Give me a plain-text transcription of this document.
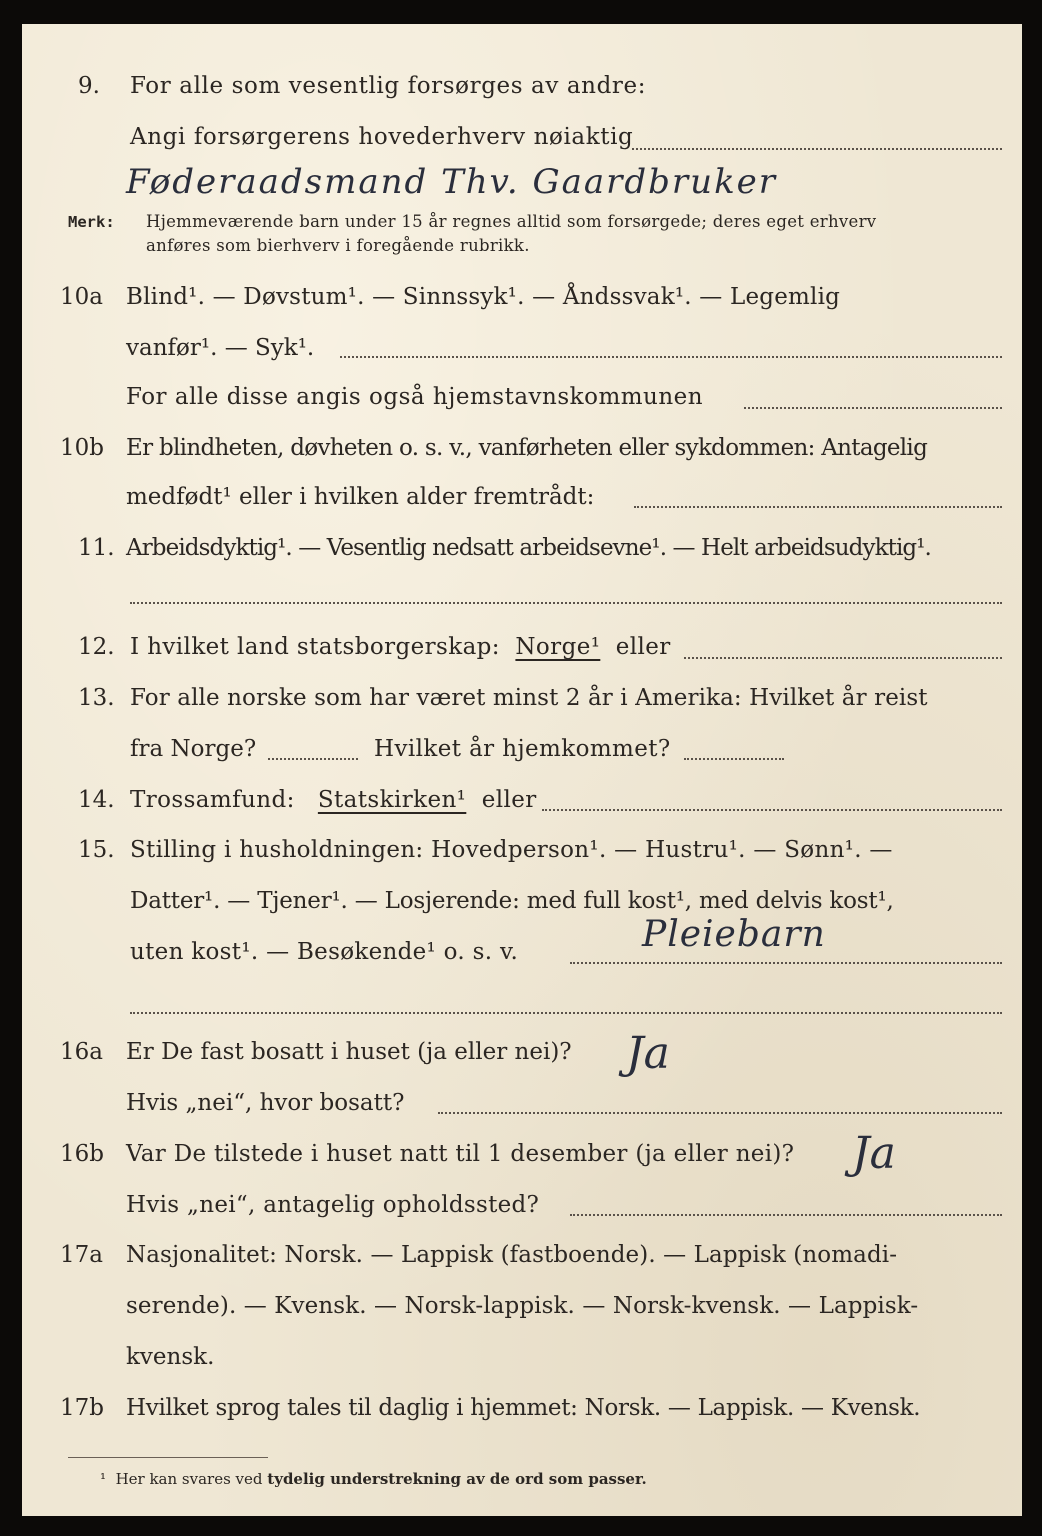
9. For alle som vesentlig forsørges av andre:
Angi forsørgerens hovederhverv nøiaktig
Føderaadsmand Thv. Gaardbruker
Merk: Hjemmeværende barn under 15 år regnes alltid som forsørgede; deres eget erhverv
anføres som bierhverv i foregående rubrikk.
10a Blind¹. — Døvstum¹. — Sinnssyk¹. — Åndssvak¹. — Legemlig
vanfør¹. — Syk¹.
For alle disse angis også hjemstavnskommunen
10b Er blindheten, døvheten o. s. v., vanførheten eller sykdommen: Antagelig
medfødt¹ eller i hvilken alder fremtrådt:
11. Arbeidsdyktig¹. — Vesentlig nedsatt arbeidsevne¹. — Helt arbeidsudyktig¹.
12. I hvilket land statsborgerskap: Norge¹ eller
13. For alle norske som har været minst 2 år i Amerika: Hvilket år reist
fra Norge?	Hvilket år hjemkommet?
14. Trossamfund: Statskirken¹ eller
15. Stilling i husholdningen: Hovedperson¹. — Hustru¹. — Sønn¹. —
Datter¹. — Tjener¹. — Losjerende: med full kost¹, med delvis kost¹,
uten kost¹. — Besøkende¹ o. s. v.	Pleiebarn
16a Er De fast bosatt i huset (ja eller nei)? Ja
Hvis „nei“, hvor bosatt?
16b Var De tilstede i huset natt til 1 desember (ja eller nei)? Ja
Hvis „nei“, antagelig opholdssted?
17a Nasjonalitet: Norsk. — Lappisk (fastboende). — Lappisk (nomadi-
serende). — Kvensk. — Norsk-lappisk. — Norsk-kvensk. — Lappisk-
kvensk.
17b Hvilket sprog tales til daglig i hjemmet: Norsk. — Lappisk. — Kvensk.
¹ Her kan svares ved tydelig understrekning av de ord som passer.
